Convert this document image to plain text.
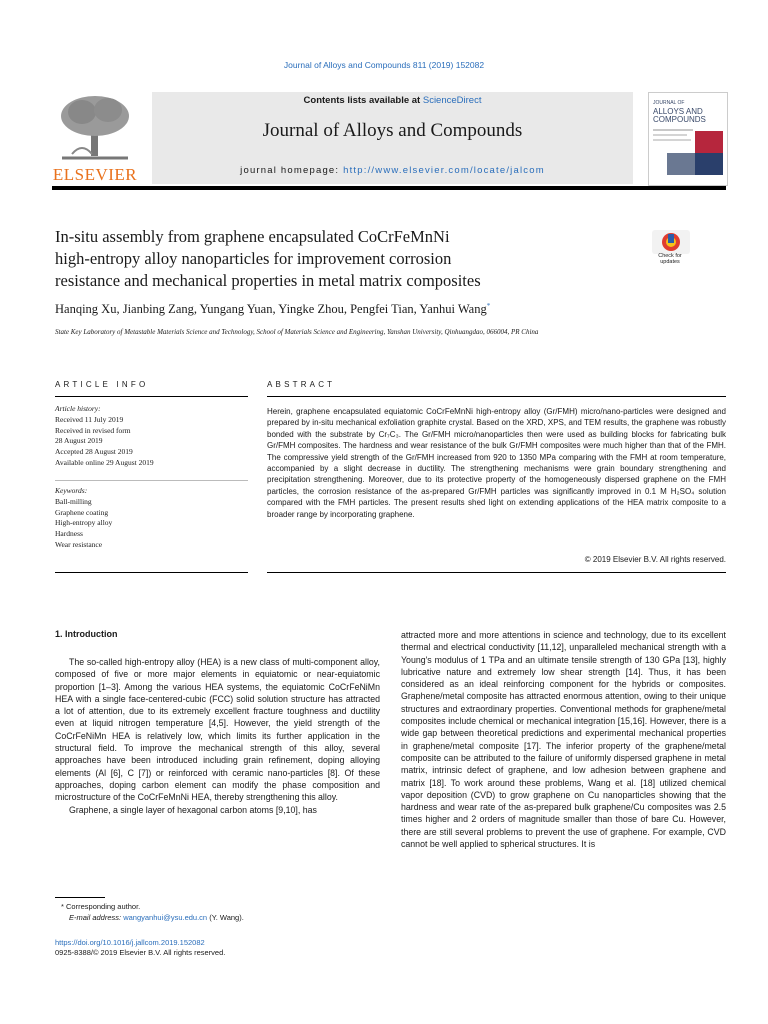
Journal of Alloys and Compounds 811 (2019) 152082
ELSEVIER
Contents lists available at ScienceDirect
Journal of Alloys and Compounds
journal homepage: http://www.elsevier.com/locate/jalcom
JOURNAL OF
ALLOYS AND
COMPOUNDS
In-situ assembly from graphene encapsulated CoCrFeMnNi
high-entropy alloy nanoparticles for improvement corrosion
resistance and mechanical properties in metal matrix composites
Check for
updates
Hanqing Xu, Jianbing Zang, Yungang Yuan, Yingke Zhou, Pengfei Tian, Yanhui Wang*
State Key Laboratory of Metastable Materials Science and Technology, School of Materials Science and Engineering, Yanshan University, Qinhuangdao, 066004, PR China
ARTICLE INFO
Article history:
Received 11 July 2019
Received in revised form
28 August 2019
Accepted 28 August 2019
Available online 29 August 2019
Keywords:
Ball-milling
Graphene coating
High-entropy alloy
Hardness
Wear resistance
ABSTRACT
Herein, graphene encapsulated equiatomic CoCrFeMnNi high-entropy alloy (Gr/FMH) micro/nano-particles were designed and prepared by in-situ mechanical exfoliation graphite crystal. Based on the XRD, XPS, and TEM results, the graphene was robustly bonded with the substrate by Cr₇C₃. The Gr/FMH micro/nanoparticles then were used as building blocks for fabricating bulk Gr/FMH composites. The hardness and wear resistance of the bulk Gr/FMH composites were much higher than that of the FMH. The compressive yield strength of the Gr/FMH increased from 920 to 1350 MPa comparing with the FMH at room temperature, accompanied by a slight decrease in ductility. The strengthening mechanisms were grain boundary strengthening and precipitation strengthening. Moreover, due to its protective property of the homogeneously dispersed graphene on the FMH particles, the corrosion resistance of the as-prepared Gr/FMH particles was significantly improved in 0.1 M H₂SO₄ solution compared with the FMH particles. The present results shed light on extending applications of the HEA matrix composite to a broader range by incorporating graphene.
© 2019 Elsevier B.V. All rights reserved.
1. Introduction

The so-called high-entropy alloy (HEA) is a new class of multi-component alloy, composed of five or more major elements in equiatomic or near-equiatomic proportion [1–3]. Among the various HEA systems, the equiatomic CoCrFeNiMn HEA with a single face-centered-cubic (FCC) solid solution structure has attracted a lot of attention, due to its extremely excellent fracture toughness and ductility even at liquid nitrogen temperature [4,5]. However, the yield strength of the CoCrFeNiMn HEA is relatively low, which limits its further application in the structural field. To improve the mechanical strength of this alloy, several approaches have been introduced including grain refinement, doping alloying elements (Al [6], C [7]) or reinforced with ceramic nano-particles [8]. Of these approaches, doping carbon element can modify the phase composition and microstructure of the CoCrFeMnNi HEA, thereby strengthening this alloy.

Graphene, a single layer of hexagonal carbon atoms [9,10], has

attracted more and more attentions in science and technology, due to its excellent thermal and electrical conductivity [11,12], unparalleled mechanical strength with a Young's modulus of 1 TPa and an ultimate tensile strength of 130 GPa [13], highly lubricative nature and extremely low shear strength [14]. Thus, it has been considered as an ideal reinforcing component for the hybrids or composites. Graphene/metal composite has attracted enormous attention, owing to their unique structures and extraordinary properties. Conventional methods for graphene/metal composites include chemical or mechanical integration [15,16]. However, there is a wide gap between theoretical predictions and experimental mechanical properties in graphene/metal composite [17]. The inferior property of the graphene/metal composite can be attributed to the failure of uniformly dispersed graphene in metal matrix, intrinsic defect of graphene, and low adhesion between graphene and matrix [18]. To work around these problems, Wang et al. [18] utilized chemical vapor deposition (CVD) to grow graphene on Cu nanoparticles showing that the hardness and wear rate of the as-prepared bulk graphene/Cu composites was 2.5 times higher and 2 orders of magnitude smaller than those of bare Cu. However, there are still several problems to prevent the use of graphene. For example, CVD cannot be well applied to spherical structures. It is

* Corresponding author.
E-mail address: wangyanhui@ysu.edu.cn (Y. Wang).
https://doi.org/10.1016/j.jallcom.2019.152082
0925-8388/© 2019 Elsevier B.V. All rights reserved.
